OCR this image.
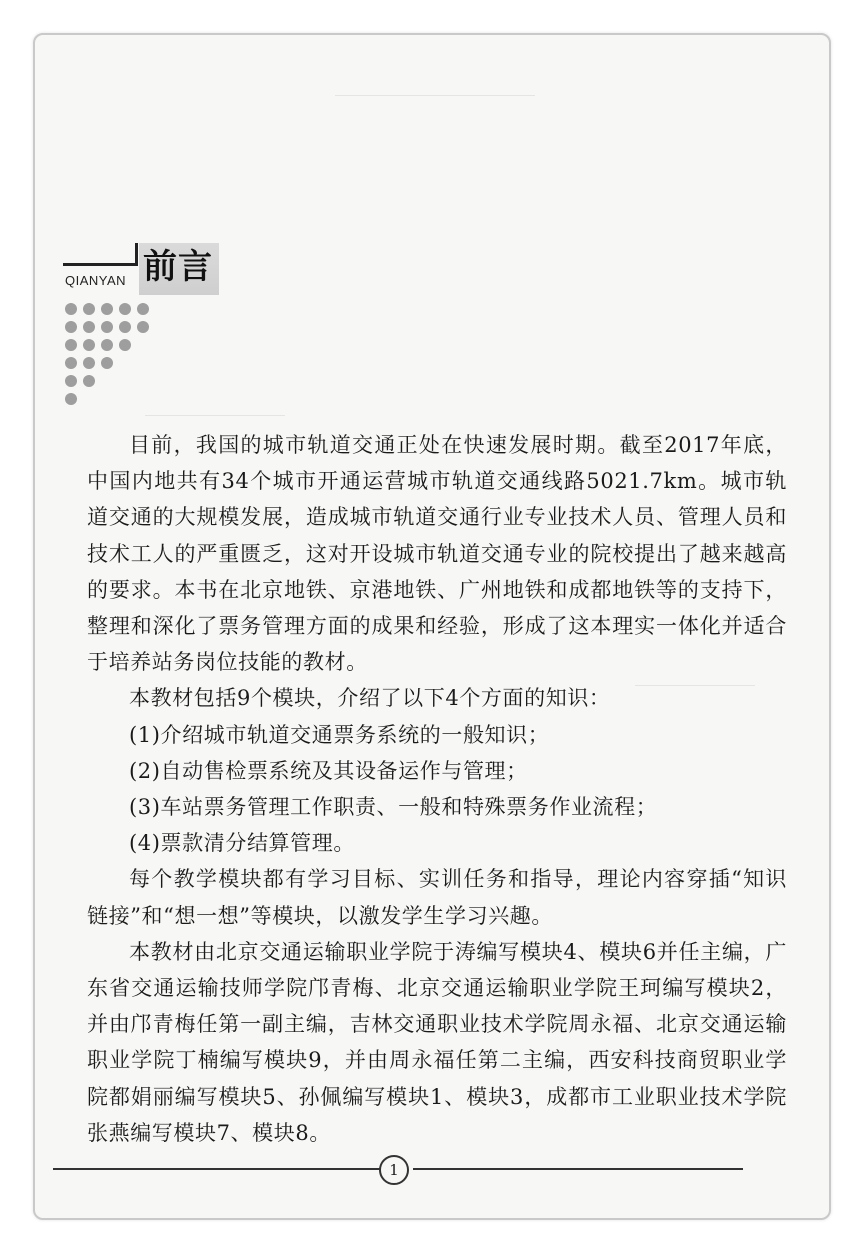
前言
QIANYAN

目前，我国的城市轨道交通正处在快速发展时期。截至2017年底，中国内地共有34个城市开通运营城市轨道交通线路5021.7km。城市轨道交通的大规模发展，造成城市轨道交通行业专业技术人员、管理人员和技术工人的严重匮乏，这对开设城市轨道交通专业的院校提出了越来越高的要求。本书在北京地铁、京港地铁、广州地铁和成都地铁等的支持下，整理和深化了票务管理方面的成果和经验，形成了这本理实一体化并适合于培养站务岗位技能的教材。

本教材包括9个模块，介绍了以下4个方面的知识：

(1)介绍城市轨道交通票务系统的一般知识；

(2)自动售检票系统及其设备运作与管理；

(3)车站票务管理工作职责、一般和特殊票务作业流程；

(4)票款清分结算管理。

每个教学模块都有学习目标、实训任务和指导，理论内容穿插“知识链接”和“想一想”等模块，以激发学生学习兴趣。

本教材由北京交通运输职业学院于涛编写模块4、模块6并任主编，广东省交通运输技师学院邝青梅、北京交通运输职业学院王珂编写模块2，并由邝青梅任第一副主编，吉林交通职业技术学院周永福、北京交通运输职业学院丁楠编写模块9，并由周永福任第二主编，西安科技商贸职业学院都娟丽编写模块5、孙佩编写模块1、模块3，成都市工业职业技术学院张燕编写模块7、模块8。

1
